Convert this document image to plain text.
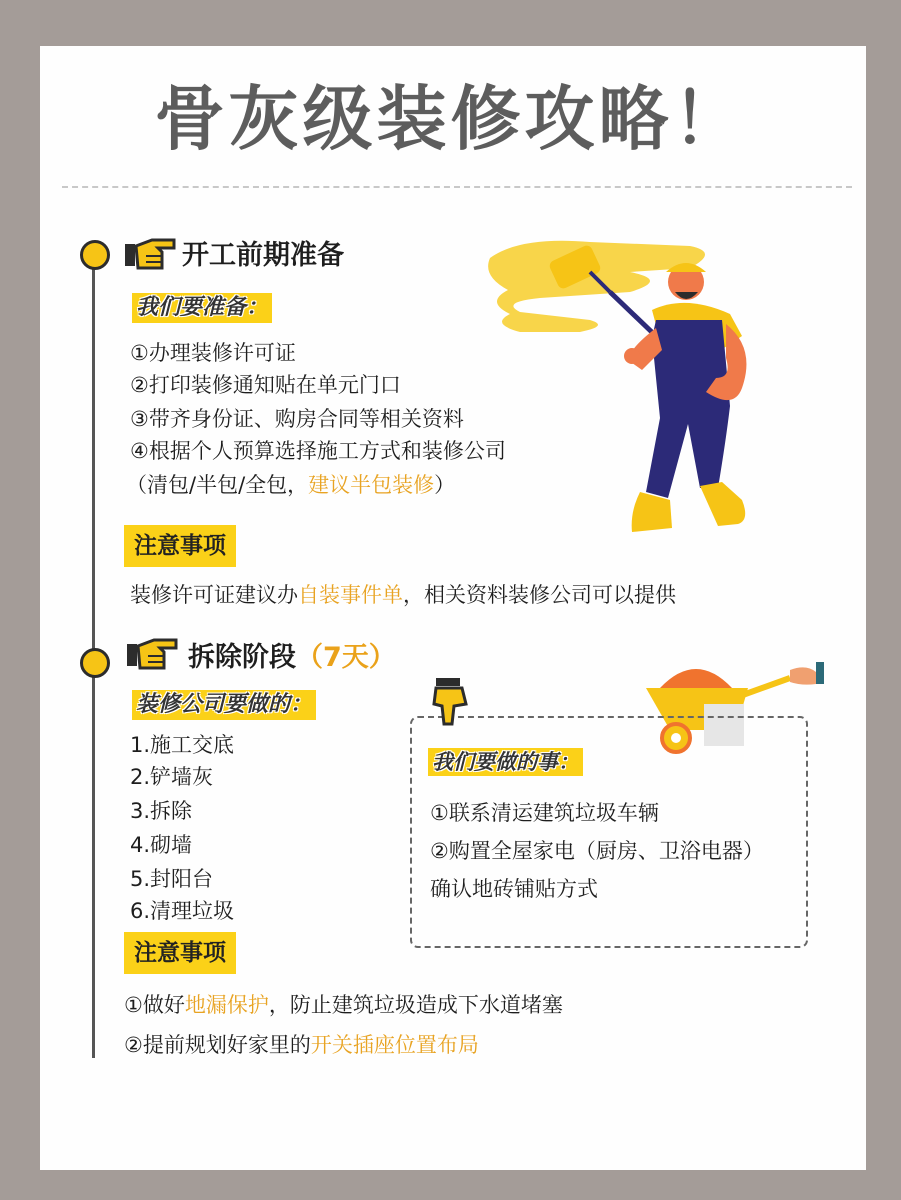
骨灰级装修攻略！
开工前期准备
我们要准备：
①办理装修许可证
②打印装修通知贴在单元门口
③带齐身份证、购房合同等相关资料
④根据个人预算选择施工方式和装修公司
（清包/半包/全包，建议半包装修）
注意事项
装修许可证建议办自装事件单，相关资料装修公司可以提供
拆除阶段（7天）
装修公司要做的：
1.施工交底
2.铲墙灰
3.拆除
4.砌墙
5.封阳台
6.清理垃圾
我们要做的事：
①联系清运建筑垃圾车辆
②购置全屋家电（厨房、卫浴电器）
确认地砖铺贴方式
注意事项
①做好地漏保护，防止建筑垃圾造成下水道堵塞
②提前规划好家里的开关插座位置布局
